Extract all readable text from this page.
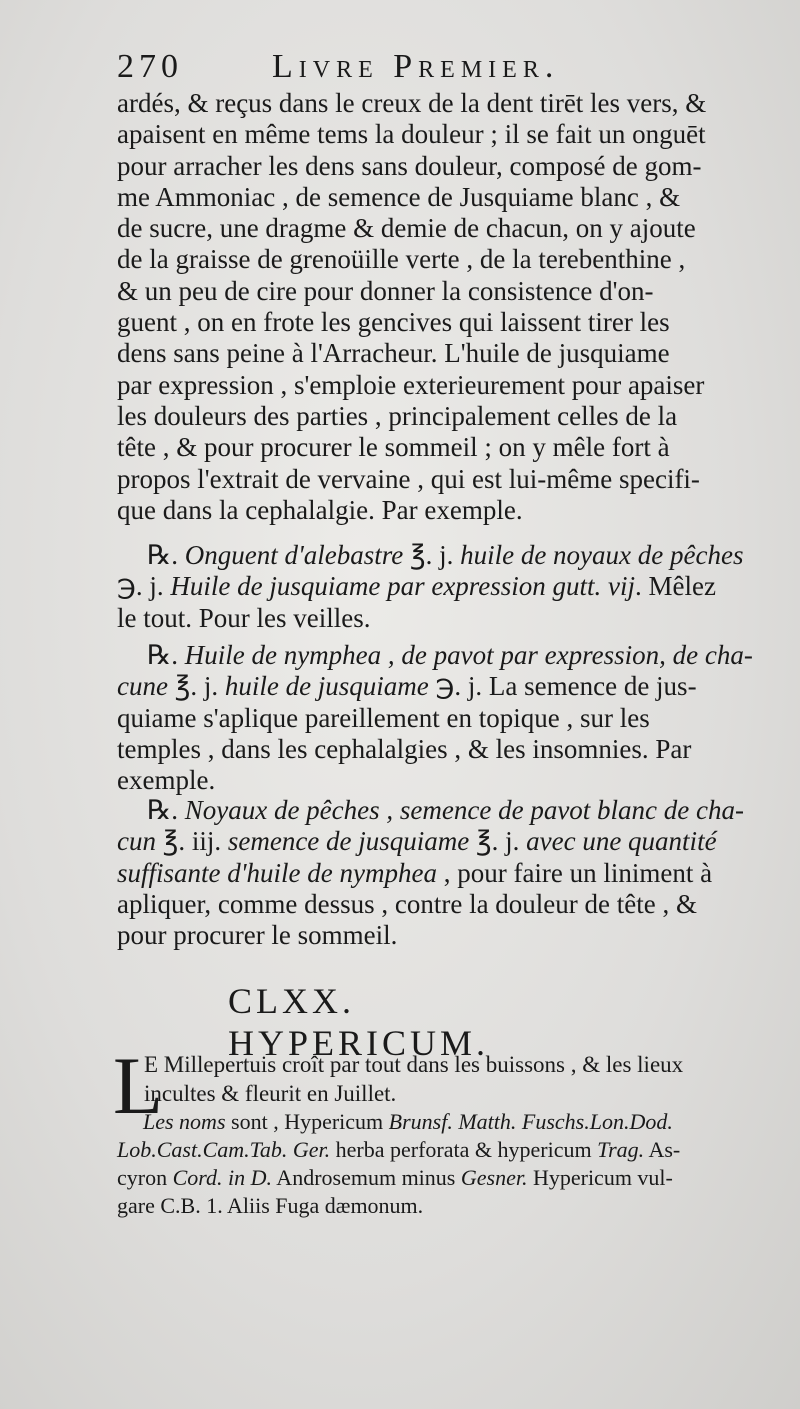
270	Livre Premier.
ardés, & reçus dans le creux de la dent tirēt les vers, &
apaisent en même tems la douleur ; il se fait un onguēt
pour arracher les dens sans douleur, composé de gom-
me Ammoniac , de semence de Jusquiame blanc , &
de sucre, une dragme & demie de chacun, on y ajoute
de la graisse de grenoüille verte , de la terebenthine ,
& un peu de cire pour donner la consistence d'on-
guent , on en frote les gencives qui laissent tirer les
dens sans peine à l'Arracheur. L'huile de jusquiame
par expression , s'emploie exterieurement pour apaiser
les douleurs des parties , principalement celles de la
tête , & pour procurer le sommeil ; on y mêle fort à
propos l'extrait de vervaine , qui est lui-même specifi-
que dans la cephalalgie. Par exemple.
℞. Onguent d'alebastre ℥. j. huile de noyaux de pêches
℈. j. Huile de jusquiame par expression gutt. vij. Mêlez
le tout. Pour les veilles.
℞. Huile de nymphea , de pavot par expression, de cha-
cune ℥. j. huile de jusquiame ℈. j. La semence de jus-
quiame s'aplique pareillement en topique , sur les
temples , dans les cephalalgies , & les insomnies. Par
exemple.
℞. Noyaux de pêches , semence de pavot blanc de cha-
cun ℥. iij. semence de jusquiame ℥. j. avec une quantité
suffisante d'huile de nymphea , pour faire un liniment à
apliquer, comme dessus , contre la douleur de tête , &
pour procurer le sommeil.
CLXX. HYPERICUM.
L
E Millepertuis croît par tout dans les buissons , & les lieux
incultes & fleurit en Juillet.
Les noms sont , Hypericum Brunsf. Matth. Fuschs.Lon.Dod.
Lob.Cast.Cam.Tab. Ger. herba perforata & hypericum Trag. As-
cyron Cord. in D. Androsemum minus Gesner. Hypericum vul-
gare C.B. 1. Aliis Fuga dæmonum.
